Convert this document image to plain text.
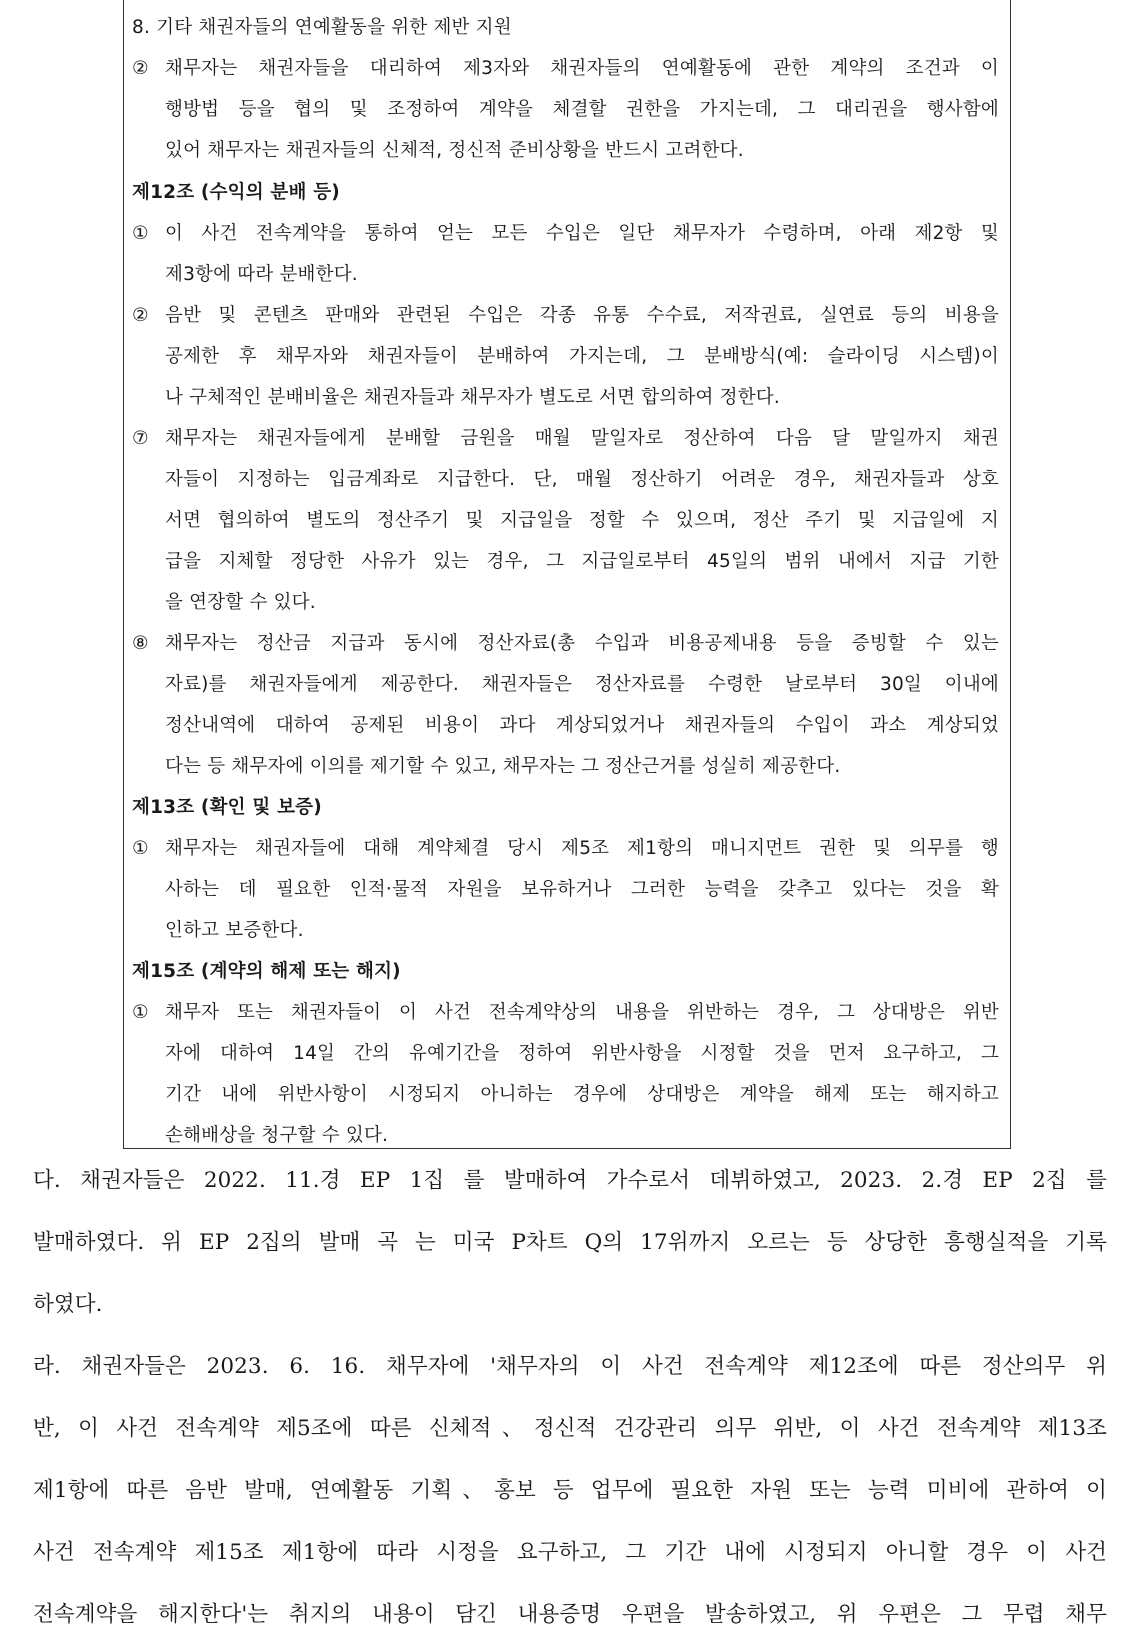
8. 기타 채권자들의 연예활동을 위한 제반 지원
② 채무자는 채권자들을 대리하여 제3자와 채권자들의 연예활동에 관한 계약의 조건과 이
행방법 등을 협의 및 조정하여 계약을 체결할 권한을 가지는데, 그 대리권을 행사함에
있어 채무자는 채권자들의 신체적, 정신적 준비상황을 반드시 고려한다.
제12조 (수익의 분배 등)
① 이 사건 전속계약을 통하여 얻는 모든 수입은 일단 채무자가 수령하며, 아래 제2항 및
제3항에 따라 분배한다.
② 음반 및 콘텐츠 판매와 관련된 수입은 각종 유통 수수료, 저작권료, 실연료 등의 비용을
공제한 후 채무자와 채권자들이 분배하여 가지는데, 그 분배방식(예: 슬라이딩 시스템)이
나 구체적인 분배비율은 채권자들과 채무자가 별도로 서면 합의하여 정한다.
⑦ 채무자는 채권자들에게 분배할 금원을 매월 말일자로 정산하여 다음 달 말일까지 채권
자들이 지정하는 입금계좌로 지급한다. 단, 매월 정산하기 어려운 경우, 채권자들과 상호
서면 협의하여 별도의 정산주기 및 지급일을 정할 수 있으며, 정산 주기 및 지급일에 지
급을 지체할 정당한 사유가 있는 경우, 그 지급일로부터 45일의 범위 내에서 지급 기한
을 연장할 수 있다.
⑧ 채무자는 정산금 지급과 동시에 정산자료(총 수입과 비용공제내용 등을 증빙할 수 있는
자료)를 채권자들에게 제공한다. 채권자들은 정산자료를 수령한 날로부터 30일 이내에
정산내역에 대하여 공제된 비용이 과다 계상되었거나 채권자들의 수입이 과소 계상되었
다는 등 채무자에 이의를 제기할 수 있고, 채무자는 그 정산근거를 성실히 제공한다.
제13조 (확인 및 보증)
① 채무자는 채권자들에 대해 계약체결 당시 제5조 제1항의 매니지먼트 권한 및 의무를 행
사하는 데 필요한 인적·물적 자원을 보유하거나 그러한 능력을 갖추고 있다는 것을 확
인하고 보증한다.
제15조 (계약의 해제 또는 해지)
① 채무자 또는 채권자들이 이 사건 전속계약상의 내용을 위반하는 경우, 그 상대방은 위반
자에 대하여 14일 간의 유예기간을 정하여 위반사항을 시정할 것을 먼저 요구하고, 그
기간 내에 위반사항이 시정되지 아니하는 경우에 상대방은 계약을 해제 또는 해지하고
손해배상을 청구할 수 있다.
다. 채권자들은 2022. 11.경 EP 1집 를 발매하여 가수로서 데뷔하였고, 2023. 2.경 EP 2집 를
발매하였다. 위 EP 2집의 발매 곡 는 미국 P차트 Q의 17위까지 오르는 등 상당한 흥행실적을 기록
하였다.
라. 채권자들은 2023. 6. 16. 채무자에 '채무자의 이 사건 전속계약 제12조에 따른 정산의무 위
반, 이 사건 전속계약 제5조에 따른 신체적、정신적 건강관리 의무 위반, 이 사건 전속계약 제13조
제1항에 따른 음반 발매, 연예활동 기획、홍보 등 업무에 필요한 자원 또는 능력 미비에 관하여 이
사건 전속계약 제15조 제1항에 따라 시정을 요구하고, 그 기간 내에 시정되지 아니할 경우 이 사건
전속계약을 해지한다'는 취지의 내용이 담긴 내용증명 우편을 발송하였고, 위 우편은 그 무렵 채무
